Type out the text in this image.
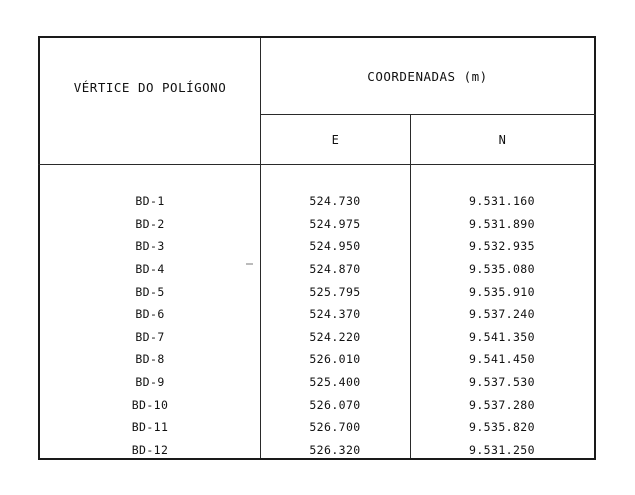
VÉRTICE DO POLÍGONO
COORDENADAS (m)
E	N
BD-1	524.730	9.531.160
BD-2	524.975	9.531.890
BD-3	524.950	9.532.935
BD-4	524.870	9.535.080
BD-5	525.795	9.535.910
BD-6	524.370	9.537.240
BD-7	524.220	9.541.350
BD-8	526.010	9.541.450
BD-9	525.400	9.537.530
BD-10	526.070	9.537.280
BD-11	526.700	9.535.820
BD-12	526.320	9.531.250
